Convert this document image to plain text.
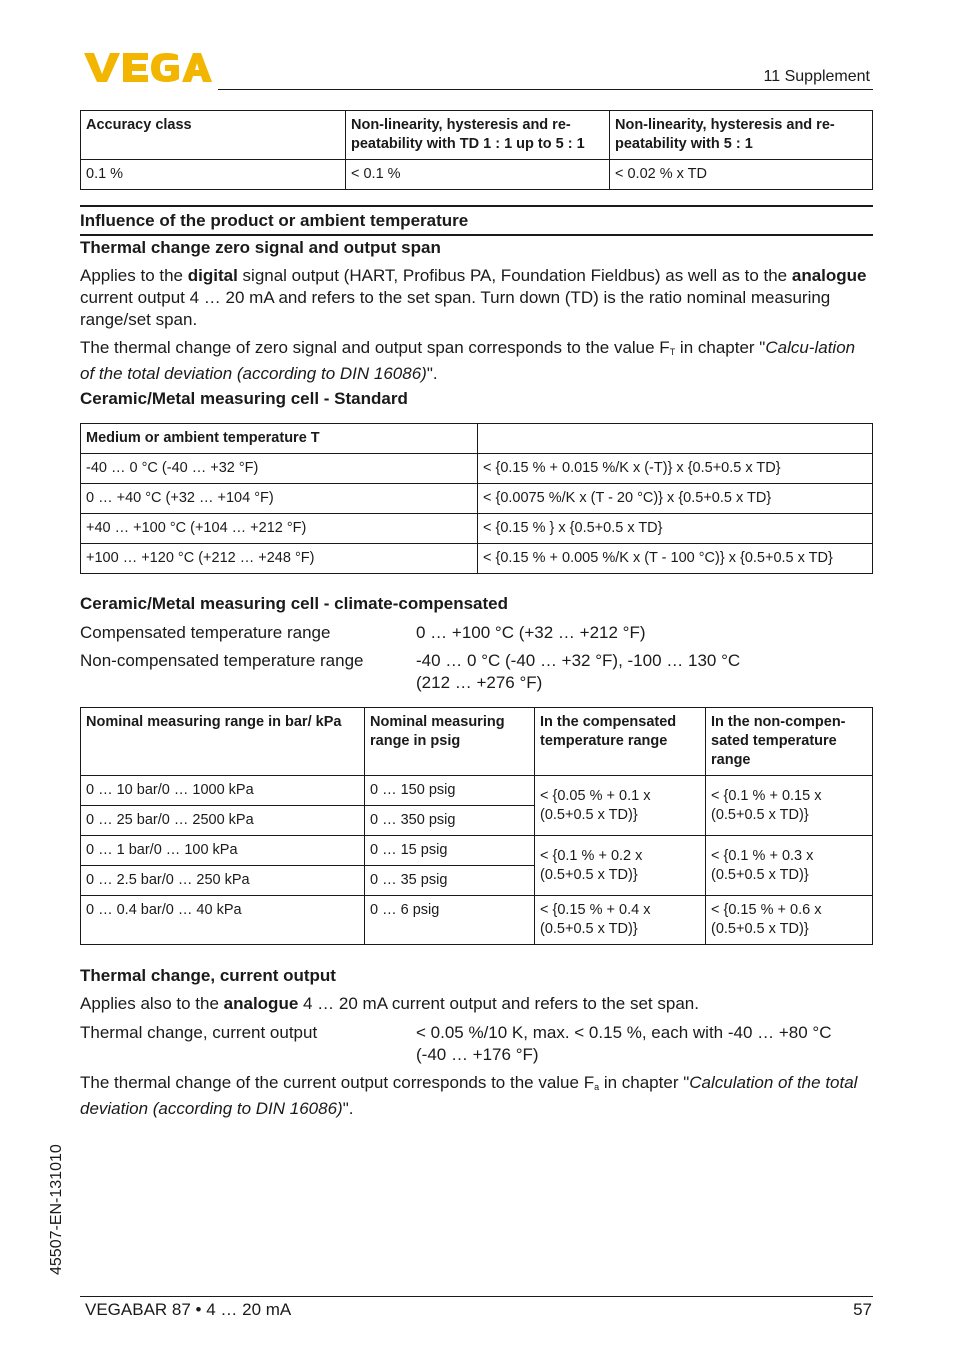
11 Supplement
Accuracy class	Non-linearity, hysteresis and re-peatability with TD 1 : 1 up to 5 : 1	Non-linearity, hysteresis and re-peatability with 5 : 1
0.1 %	< 0.1 %	< 0.02 % x TD
Influence of the product or ambient temperature
Thermal change zero signal and output span
Applies to the digital signal output (HART, Profibus PA, Foundation Fieldbus) as well as to the analogue current output 4 … 20 mA and refers to the set span. Turn down (TD) is the ratio nominal measuring range/set span.
The thermal change of zero signal and output span corresponds to the value $F_T$ in chapter "Calcu-lation of the total deviation (according to DIN 16086)".
Ceramic/Metal measuring cell - Standard
Medium or ambient temperature T	
-40 … 0 °C (-40 … +32 °F)	< {0.15 % + 0.015 %/K x (-T)} x {0.5+0.5 x TD}
0 … +40 °C (+32 … +104 °F)	< {0.0075 %/K x (T - 20 °C)} x {0.5+0.5 x TD}
+40 … +100 °C (+104 … +212 °F)	< {0.15 % } x {0.5+0.5 x TD}
+100 … +120 °C (+212 … +248 °F)	< {0.15 % + 0.005 %/K x (T - 100 °C)} x {0.5+0.5 x TD}
Ceramic/Metal measuring cell - climate-compensated
Compensated temperature range	0 … +100 °C (+32 … +212 °F)
Non-compensated temperature range	-40 … 0 °C (-40 … +32 °F), -100 … 130 °C
(212 … +276 °F)
Nominal measuring range in bar/ kPa	Nominal measuring range in psig	In the compensated temperature range	In the non-compen-sated temperature range
0 … 10 bar/0 … 1000 kPa	0 … 150 psig	< {0.05 % + 0.1 x (0.5+0.5 x TD)}	< {0.1 % + 0.15 x (0.5+0.5 x TD)}
0 … 25 bar/0 … 2500 kPa	0 … 350 psig		
0 … 1 bar/0 … 100 kPa	0 … 15 psig	< {0.1 % + 0.2 x (0.5+0.5 x TD)}	< {0.1 % + 0.3 x (0.5+0.5 x TD)}
0 … 2.5 bar/0 … 250 kPa	0 … 35 psig		
0 … 0.4 bar/0 … 40 kPa	0 … 6 psig	< {0.15 % + 0.4 x (0.5+0.5 x TD)}	< {0.15 % + 0.6 x (0.5+0.5 x TD)}
Thermal change, current output
Applies also to the analogue 4 … 20 mA current output and refers to the set span.
Thermal change, current output	< 0.05 %/10 K, max. < 0.15 %, each with -40 … +80 °C
(-40 … +176 °F)
The thermal change of the current output corresponds to the value $F_a$ in chapter "Calculation of the total deviation (according to DIN 16086)".
45507-EN-131010
VEGABAR 87 • 4 … 20 mA	57
